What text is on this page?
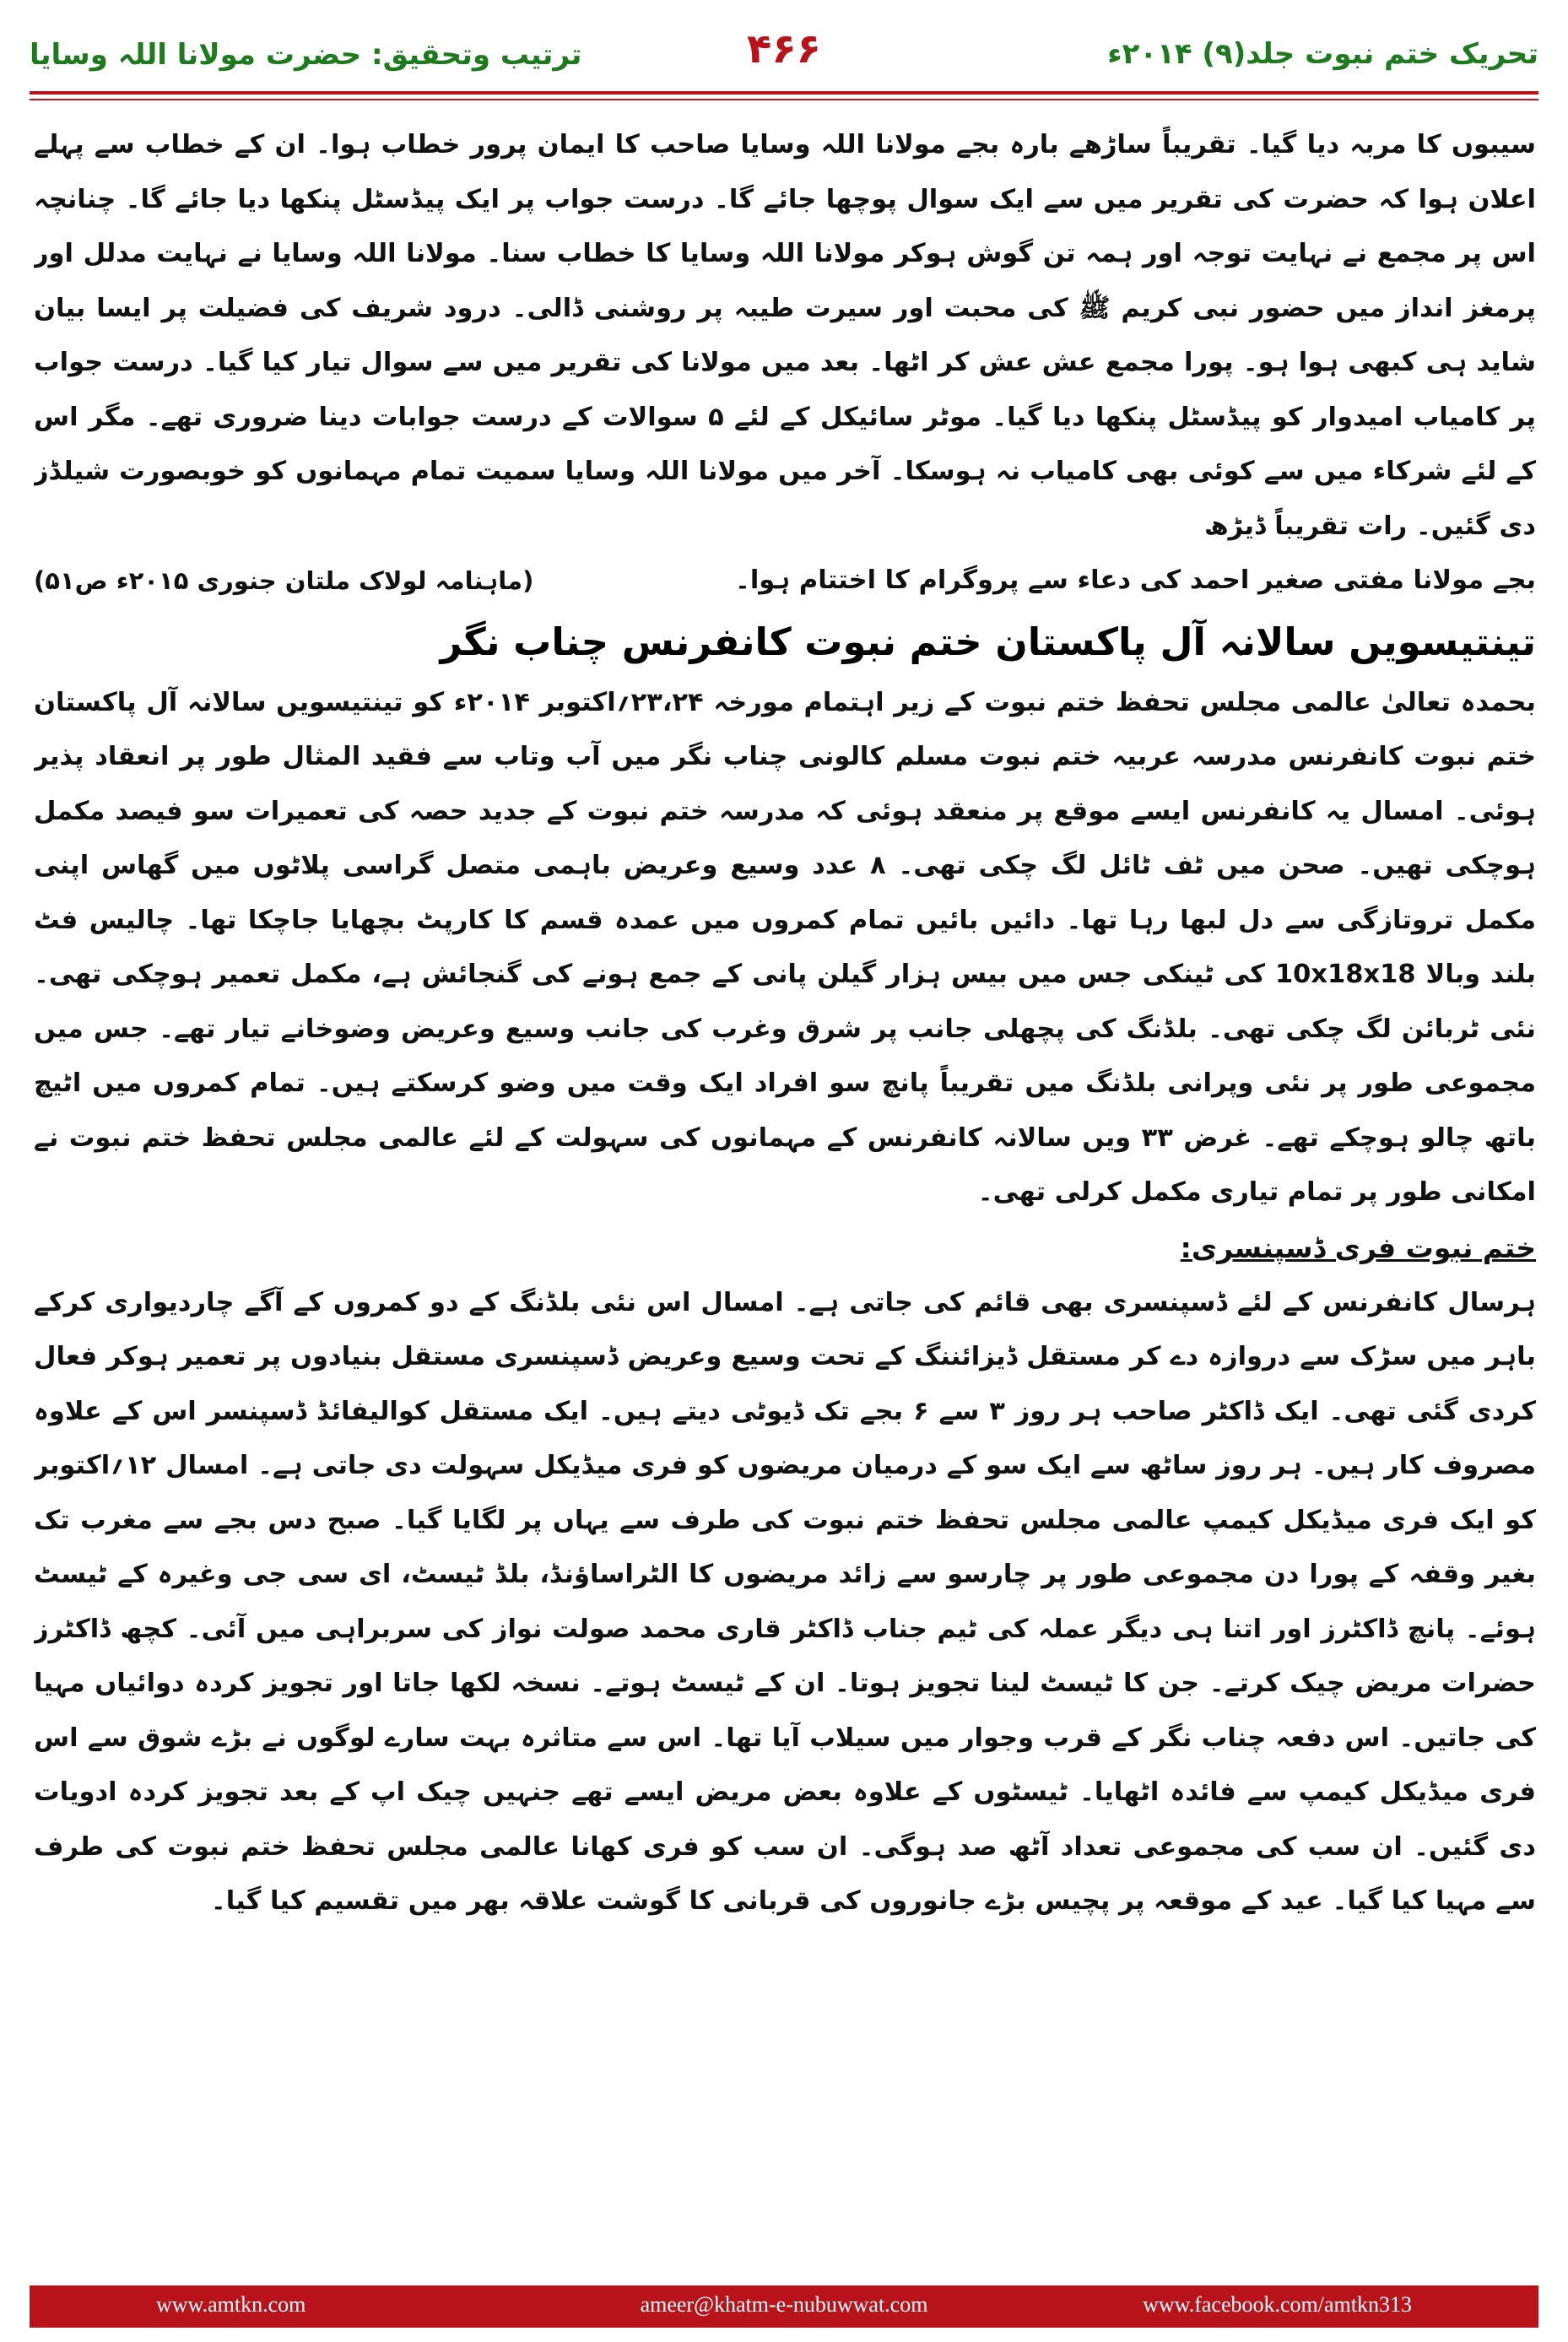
ترتیب وتحقیق: حضرت مولانا اللہ وسایا	۴۶۶	تحریک ختم نبوت جلد(۹) ۲۰۱۴ء

سیبوں کا مربہ دیا گیا۔ تقریباً ساڑھے بارہ بجے مولانا اللہ وسایا صاحب کا ایمان پرور خطاب ہوا۔ ان کے خطاب سے پہلے اعلان ہوا کہ حضرت کی تقریر میں سے ایک سوال پوچھا جائے گا۔ درست جواب پر ایک پیڈسٹل پنکھا دیا جائے گا۔ چنانچہ اس پر مجمع نے نہایت توجہ اور ہمہ تن گوش ہوکر مولانا اللہ وسایا کا خطاب سنا۔ مولانا اللہ وسایا نے نہایت مدلل اور پرمغز انداز میں حضور نبی کریم ﷺ کی محبت اور سیرت طیبہ پر روشنی ڈالی۔ درود شریف کی فضیلت پر ایسا بیان شاید ہی کبھی ہوا ہو۔ پورا مجمع عش عش کر اٹھا۔ بعد میں مولانا کی تقریر میں سے سوال تیار کیا گیا۔ درست جواب پر کامیاب امیدوار کو پیڈسٹل پنکھا دیا گیا۔ موٹر سائیکل کے لئے ۵ سوالات کے درست جوابات دینا ضروری تھے۔ مگر اس کے لئے شرکاء میں سے کوئی بھی کامیاب نہ ہوسکا۔ آخر میں مولانا اللہ وسایا سمیت تمام مہمانوں کو خوبصورت شیلڈز دی گئیں۔ رات تقریباً ڈیڑھ

بجے مولانا مفتی صغیر احمد کی دعاء سے پروگرام کا اختتام ہوا۔
(ماہنامہ لولاک ملتان جنوری ۲۰۱۵ء ص۵۱)
تینتیسویں سالانہ آل پاکستان ختم نبوت کانفرنس چناب نگر

بحمدہ تعالیٰ عالمی مجلس تحفظ ختم نبوت کے زیر اہتمام مورخہ ۲۳،۲۴؍اکتوبر ۲۰۱۴ء کو تینتیسویں سالانہ آل پاکستان ختم نبوت کانفرنس مدرسہ عربیہ ختم نبوت مسلم کالونی چناب نگر میں آب وتاب سے فقید المثال طور پر انعقاد پذیر ہوئی۔ امسال یہ کانفرنس ایسے موقع پر منعقد ہوئی کہ مدرسہ ختم نبوت کے جدید حصہ کی تعمیرات سو فیصد مکمل ہوچکی تھیں۔ صحن میں ٹف ٹائل لگ چکی تھی۔ ۸ عدد وسیع وعریض باہمی متصل گراسی پلاٹوں میں گھاس اپنی مکمل تروتازگی سے دل لبھا رہا تھا۔ دائیں بائیں تمام کمروں میں عمدہ قسم کا کارپٹ بچھایا جاچکا تھا۔ چالیس فٹ بلند وبالا 10x18x18 کی ٹینکی جس میں بیس ہزار گیلن پانی کے جمع ہونے کی گنجائش ہے، مکمل تعمیر ہوچکی تھی۔ نئی ٹربائن لگ چکی تھی۔ بلڈنگ کی پچھلی جانب پر شرق وغرب کی جانب وسیع وعریض وضوخانے تیار تھے۔ جس میں مجموعی طور پر نئی وپرانی بلڈنگ میں تقریباً پانچ سو افراد ایک وقت میں وضو کرسکتے ہیں۔ تمام کمروں میں اٹیچ باتھ چالو ہوچکے تھے۔ غرض ۳۳ ویں سالانہ کانفرنس کے مہمانوں کی سہولت کے لئے عالمی مجلس تحفظ ختم نبوت نے امکانی طور پر تمام تیاری مکمل کرلی تھی۔

ختم نبوت فری ڈسپنسری:

ہرسال کانفرنس کے لئے ڈسپنسری بھی قائم کی جاتی ہے۔ امسال اس نئی بلڈنگ کے دو کمروں کے آگے چاردیواری کرکے باہر میں سڑک سے دروازہ دے کر مستقل ڈیزائننگ کے تحت وسیع وعریض ڈسپنسری مستقل بنیادوں پر تعمیر ہوکر فعال کردی گئی تھی۔ ایک ڈاکٹر صاحب ہر روز ۳ سے ۶ بجے تک ڈیوٹی دیتے ہیں۔ ایک مستقل کوالیفائڈ ڈسپنسر اس کے علاوہ مصروف کار ہیں۔ ہر روز ساٹھ سے ایک سو کے درمیان مریضوں کو فری میڈیکل سہولت دی جاتی ہے۔ امسال ۱۲؍اکتوبر کو ایک فری میڈیکل کیمپ عالمی مجلس تحفظ ختم نبوت کی طرف سے یہاں پر لگایا گیا۔ صبح دس بجے سے مغرب تک بغیر وقفہ کے پورا دن مجموعی طور پر چارسو سے زائد مریضوں کا الٹراساؤنڈ، بلڈ ٹیسٹ، ای سی جی وغیرہ کے ٹیسٹ ہوئے۔ پانچ ڈاکٹرز اور اتنا ہی دیگر عملہ کی ٹیم جناب ڈاکٹر قاری محمد صولت نواز کی سربراہی میں آئی۔ کچھ ڈاکٹرز حضرات مریض چیک کرتے۔ جن کا ٹیسٹ لینا تجویز ہوتا۔ ان کے ٹیسٹ ہوتے۔ نسخہ لکھا جاتا اور تجویز کردہ دوائیاں مہیا کی جاتیں۔ اس دفعہ چناب نگر کے قرب وجوار میں سیلاب آیا تھا۔ اس سے متاثرہ بہت سارے لوگوں نے بڑے شوق سے اس فری میڈیکل کیمپ سے فائدہ اٹھایا۔ ٹیسٹوں کے علاوہ بعض مریض ایسے تھے جنہیں چیک اپ کے بعد تجویز کردہ ادویات دی گئیں۔ ان سب کی مجموعی تعداد آٹھ صد ہوگی۔ ان سب کو فری کھانا عالمی مجلس تحفظ ختم نبوت کی طرف سے مہیا کیا گیا۔ عید کے موقعہ پر پچیس بڑے جانوروں کی قربانی کا گوشت علاقہ بھر میں تقسیم کیا گیا۔

www.amtkn.com	ameer@khatm-e-nubuwwat.com	www.facebook.com/amtkn313
